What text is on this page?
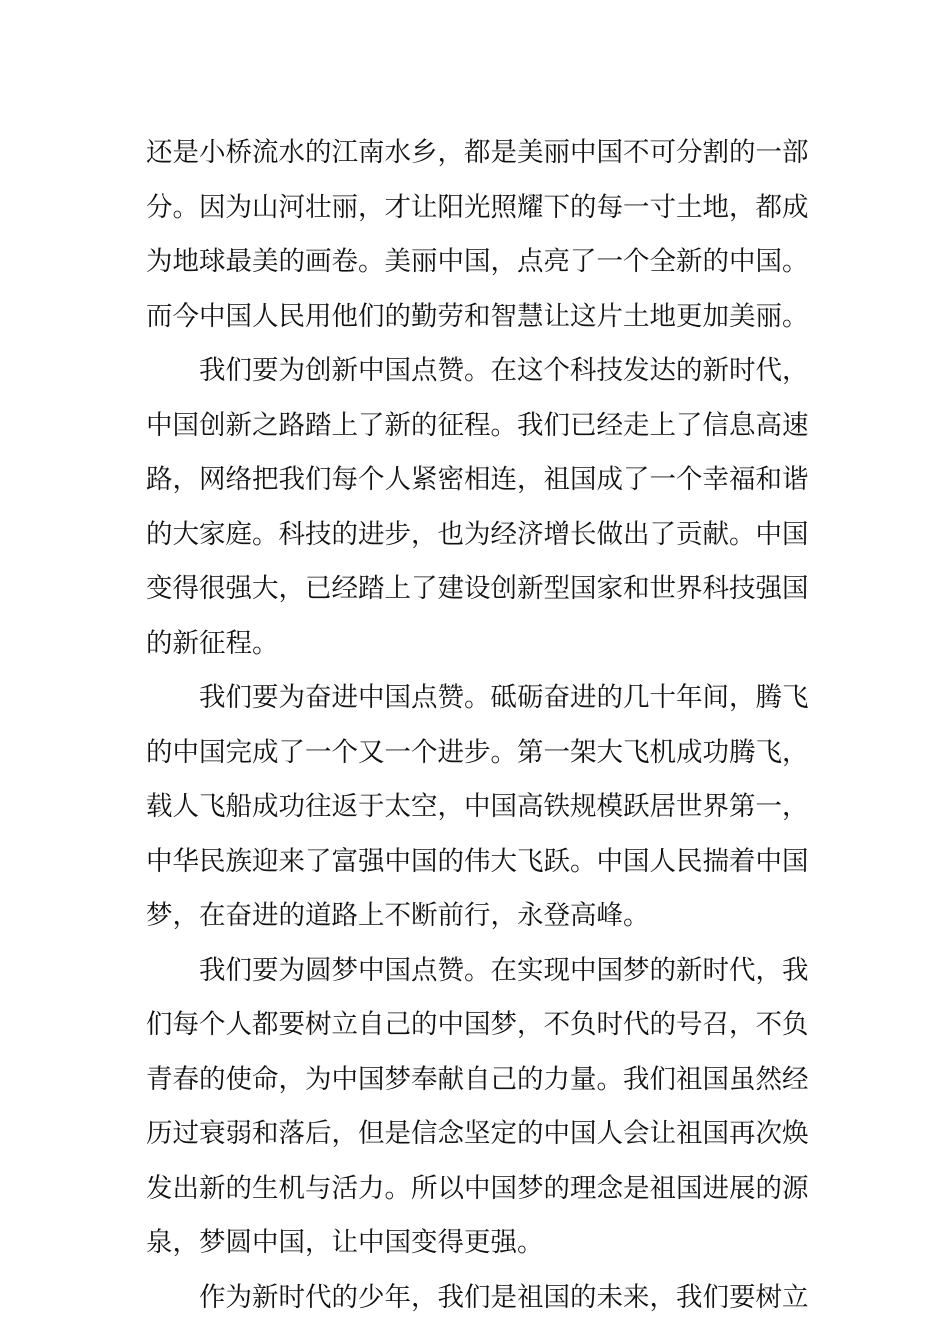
还是小桥流水的江南水乡，都是美丽中国不可分割的一部
分。因为山河壮丽，才让阳光照耀下的每一寸土地，都成
为地球最美的画卷。美丽中国，点亮了一个全新的中国。
而今中国人民用他们的勤劳和智慧让这片土地更加美丽。
我们要为创新中国点赞。在这个科技发达的新时代，
中国创新之路踏上了新的征程。我们已经走上了信息高速
路，网络把我们每个人紧密相连，祖国成了一个幸福和谐
的大家庭。科技的进步，也为经济增长做出了贡献。中国
变得很强大，已经踏上了建设创新型国家和世界科技强国
的新征程。
我们要为奋进中国点赞。砥砺奋进的几十年间，腾飞
的中国完成了一个又一个进步。第一架大飞机成功腾飞，
载人飞船成功往返于太空，中国高铁规模跃居世界第一，
中华民族迎来了富强中国的伟大飞跃。中国人民揣着中国
梦，在奋进的道路上不断前行，永登高峰。
我们要为圆梦中国点赞。在实现中国梦的新时代，我
们每个人都要树立自己的中国梦，不负时代的号召，不负
青春的使命，为中国梦奉献自己的力量。我们祖国虽然经
历过衰弱和落后，但是信念坚定的中国人会让祖国再次焕
发出新的生机与活力。所以中国梦的理念是祖国进展的源
泉，梦圆中国，让中国变得更强。
作为新时代的少年，我们是祖国的未来，我们要树立
